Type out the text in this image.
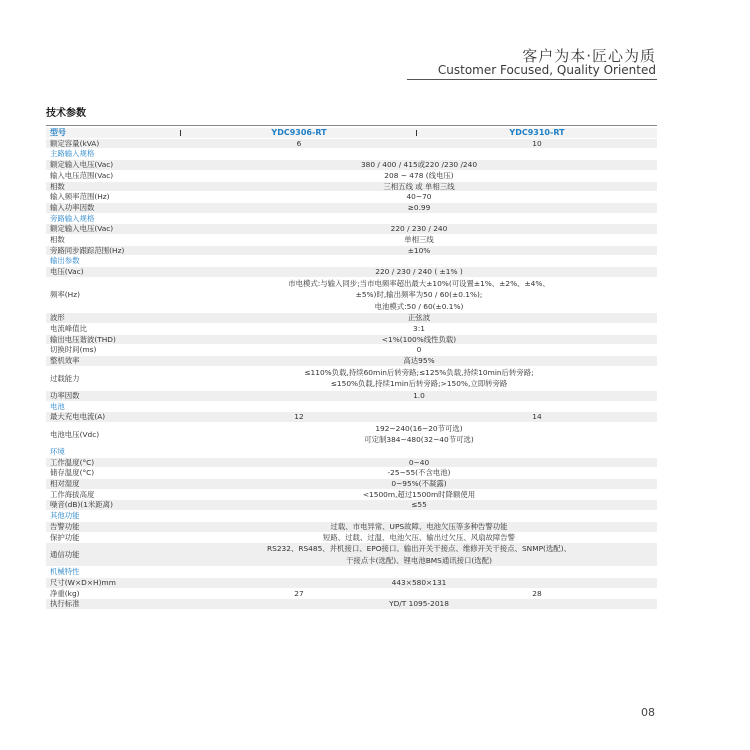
客户为本·匠心为质
Customer Focused, Quality Oriented
技术参数
型号	YDC9306-RT	YDC9310-RT
额定容量(kVA)	6	10
主路输入规格		
额定输入电压(Vac)	380 / 400 / 415或220 /230 /240	
输入电压范围(Vac)	208 ~ 478 (线电压)	
相数	三相五线 或 单相三线	
输入频率范围(Hz)	40~70	
输入功率因数	≥0.99	
旁路输入规格		
额定输入电压(Vac)	220 / 230 / 240	
相数	单相三线	
旁路同步跟踪范围(Hz)	±10%	
输出参数		
电压(Vac)	220 / 230 / 240 ( ±1% )	
频率(Hz)	市电模式:与输入同步;当市电频率超出最大±10%(可设置±1%、±2%、±4%、
±5%)时,输出频率为50 / 60(±0.1%);
电池模式:50 / 60(±0.1%)	

波形	正弦波	
电流峰值比	3:1	
输出电压谐波(THD)	<1%(100%线性负载)	
切换时间(ms)	0	
整机效率	高达95%	
过载能力	≤110%负载,持续60min后转旁路;≤125%负载,持续10min后转旁路;
≤150%负载,持续1min后转旁路;>150%,立即转旁路	

功率因数	1.0	
电池		
最大充电电流(A)	12	14
电池电压(Vdc)	192~240(16~20节可选)
可定制384~480(32~40节可选)	

环境		
工作温度(°C)	0~40	
储存温度(°C)	-25~55(不含电池)	
相对湿度	0~95%(不凝露)	
工作海拔高度	<1500m,超过1500m时降额使用	
噪音(dB)(1米距离)	≤55	
其他功能		
告警功能	过载、市电异常、UPS故障、电池欠压等多种告警功能	
保护功能	短路、过载、过温、电池欠压、输出过欠压、风扇故障告警	
通信功能	RS232、RS485、并机接口、EPO接口、输出开关干接点、维修开关干接点、SNMP(选配)、
干接点卡(选配)、锂电池BMS通讯接口(选配)	

机械特性		
尺寸(W×D×H)mm	443×580×131	
净重(kg)	27	28
执行标准	YD/T 1095-2018	
08
